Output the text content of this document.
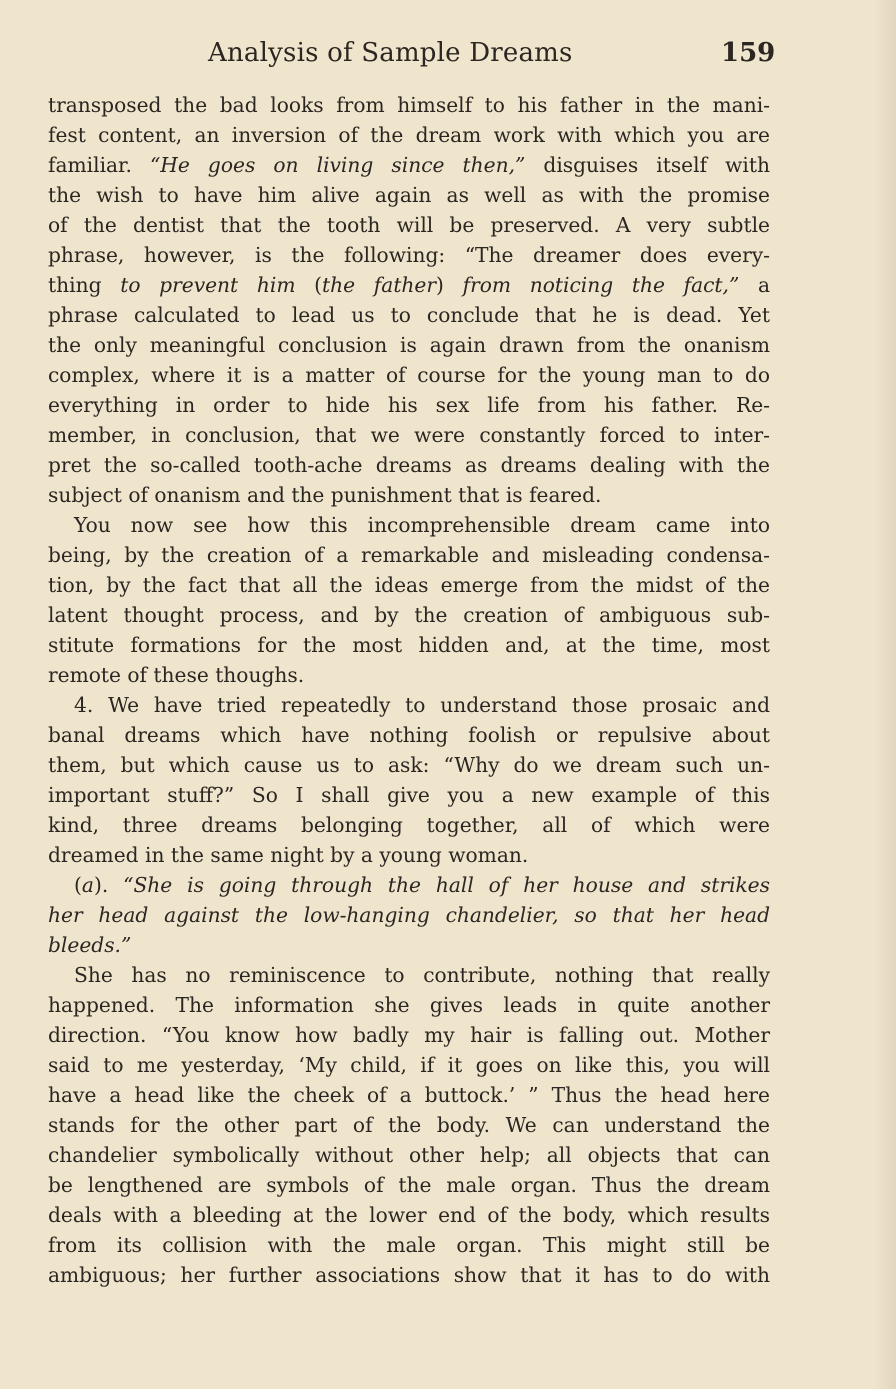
Analysis of Sample Dreams	159
transposed the bad looks from himself to his father in the mani-
fest content, an inversion of the dream work with which you are
familiar. “He goes on living since then,” disguises itself with
the wish to have him alive again as well as with the promise
of the dentist that the tooth will be preserved. A very subtle
phrase, however, is the following: “The dreamer does every-
thing to prevent him (the father) from noticing the fact,” a
phrase calculated to lead us to conclude that he is dead. Yet
the only meaningful conclusion is again drawn from the onanism
complex, where it is a matter of course for the young man to do
everything in order to hide his sex life from his father. Re-
member, in conclusion, that we were constantly forced to inter-
pret the so-called tooth-ache dreams as dreams dealing with the
subject of onanism and the punishment that is feared.
You now see how this incomprehensible dream came into
being, by the creation of a remarkable and misleading condensa-
tion, by the fact that all the ideas emerge from the midst of the
latent thought process, and by the creation of ambiguous sub-
stitute formations for the most hidden and, at the time, most
remote of these thoughs.
4. We have tried repeatedly to understand those prosaic and
banal dreams which have nothing foolish or repulsive about
them, but which cause us to ask: “Why do we dream such un-
important stuff?” So I shall give you a new example of this
kind, three dreams belonging together, all of which were
dreamed in the same night by a young woman.
(a). “She is going through the hall of her house and strikes
her head against the low-hanging chandelier, so that her head
bleeds.”
She has no reminiscence to contribute, nothing that really
happened. The information she gives leads in quite another
direction. “You know how badly my hair is falling out. Mother
said to me yesterday, ‘My child, if it goes on like this, you will
have a head like the cheek of a buttock.’ ” Thus the head here
stands for the other part of the body. We can understand the
chandelier symbolically without other help; all objects that can
be lengthened are symbols of the male organ. Thus the dream
deals with a bleeding at the lower end of the body, which results
from its collision with the male organ. This might still be
ambiguous; her further associations show that it has to do with
